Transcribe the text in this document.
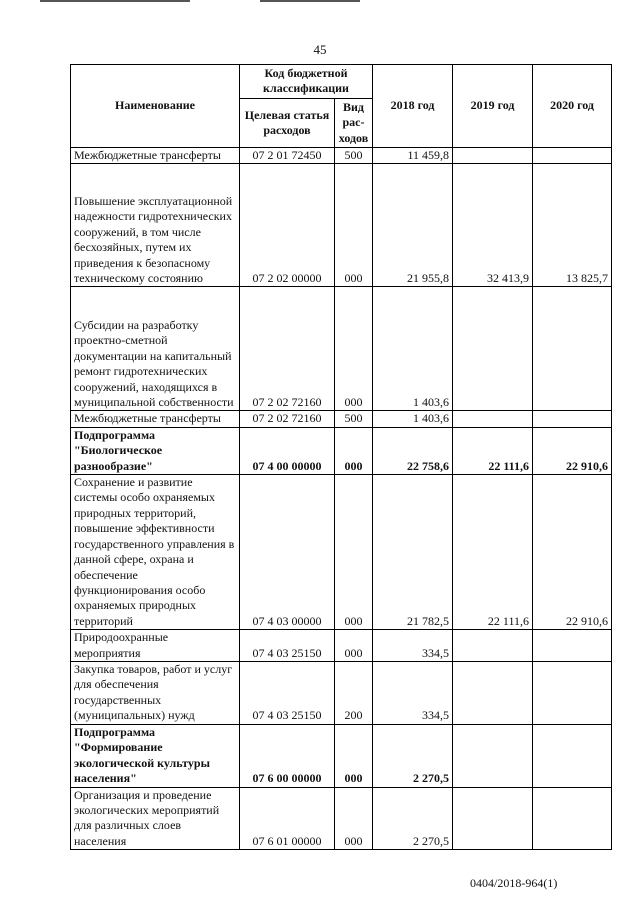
45
Наименование	Код бюджетной классификации		2018 год	2019 год	2020 год
	Целевая статья расходов	Вид рас-ходов			
Межбюджетные трансферты	07 2 01 72450	500	11 459,8		
Повышение эксплуатационной надежности гидротехнических сооружений, в том числе бесхозяйных, путем их приведения к безопасному техническому состоянию	07 2 02 00000	000	21 955,8	32 413,9	13 825,7
Субсидии на разработку проектно-сметной документации на капитальный ремонт гидротехнических сооружений, находящихся в муниципальной собственности	07 2 02 72160	000	1 403,6		
Межбюджетные трансферты	07 2 02 72160	500	1 403,6		
Подпрограмма "Биологическое разнообразие"	07 4 00 00000	000	22 758,6	22 111,6	22 910,6
Сохранение и развитие системы особо охраняемых природных территорий, повышение эффективности государственного управления в данной сфере, охрана и обеспечение функционирования особо охраняемых природных территорий	07 4 03 00000	000	21 782,5	22 111,6	22 910,6
Природоохранные мероприятия	07 4 03 25150	000	334,5		
Закупка товаров, работ и услуг для обеспечения государственных (муниципальных) нужд	07 4 03 25150	200	334,5		
Подпрограмма "Формирование экологической культуры населения"	07 6 00 00000	000	2 270,5		
Организация и проведение экологических мероприятий для различных слоев населения	07 6 01 00000	000	2 270,5		
0404/2018-964(1)
